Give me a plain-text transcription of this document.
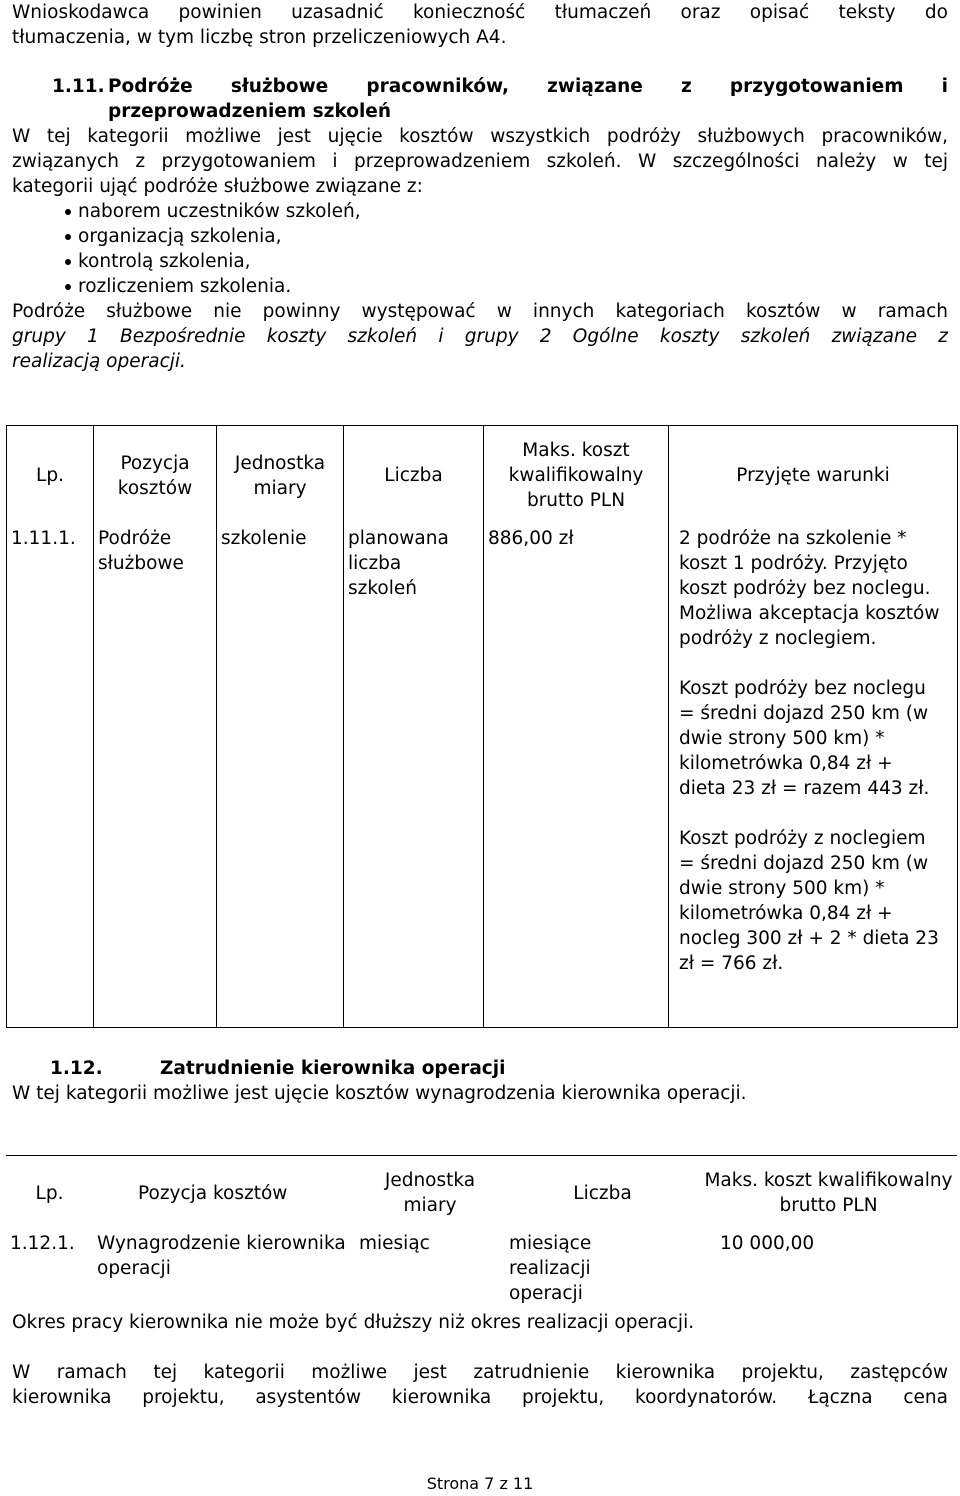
Wnioskodawca powinien uzasadnić konieczność tłumaczeń oraz opisać teksty do

tłumaczenia, w tym liczbę stron przeliczeniowych A4.

1.11. Podróże służbowe pracowników, związane z przygotowaniem i
przeprowadzeniem szkoleń

W tej kategorii możliwe jest ujęcie kosztów wszystkich podróży służbowych pracowników,

związanych z przygotowaniem i przeprowadzeniem szkoleń. W szczególności należy w tej

kategorii ująć podróże służbowe związane z:

naborem uczestników szkoleń,
organizacją szkolenia,
kontrolą szkolenia,
rozliczeniem szkolenia.

Podróże służbowe nie powinny występować w innych kategoriach kosztów w ramach

grupy 1 Bezpośrednie koszty szkoleń i grupy 2 Ogólne koszty szkoleń związane z

realizacją operacji.

Lp.	Pozycja kosztów	Jednostka miary	Liczba	Maks. koszt kwalifikowalny brutto PLN	Przyjęte warunki
1.11.1.	Podróże służbowe	szkolenie	planowana liczba szkoleń	886,00 zł	2 podróże na szkolenie * koszt 1 podróży. Przyjęto koszt podróży bez noclegu. Możliwa akceptacja kosztów podróży z noclegiem.

Koszt podróży bez noclegu = średni dojazd 250 km (w dwie strony 500 km) * kilometrówka 0,84 zł + dieta 23 zł = razem 443 zł.

Koszt podróży z noclegiem = średni dojazd 250 km (w dwie strony 500 km) * kilometrówka 0,84 zł + nocleg 300 zł + 2 * dieta 23 zł = 766 zł.

1.12.	Zatrudnienie kierownika operacji

W tej kategorii możliwe jest ujęcie kosztów wynagrodzenia kierownika operacji.

Lp.	Pozycja kosztów	Jednostka miary	Liczba	Maks. koszt kwalifikowalny brutto PLN
1.12.1.	Wynagrodzenie kierownika operacji	miesiąc	miesiące realizacji operacji	10 000,00

Okres pracy kierownika nie może być dłuższy niż okres realizacji operacji.

W ramach tej kategorii możliwe jest zatrudnienie kierownika projektu, zastępców

kierownika projektu, asystentów kierownika projektu, koordynatorów. Łączna cena

Strona 7 z 11
